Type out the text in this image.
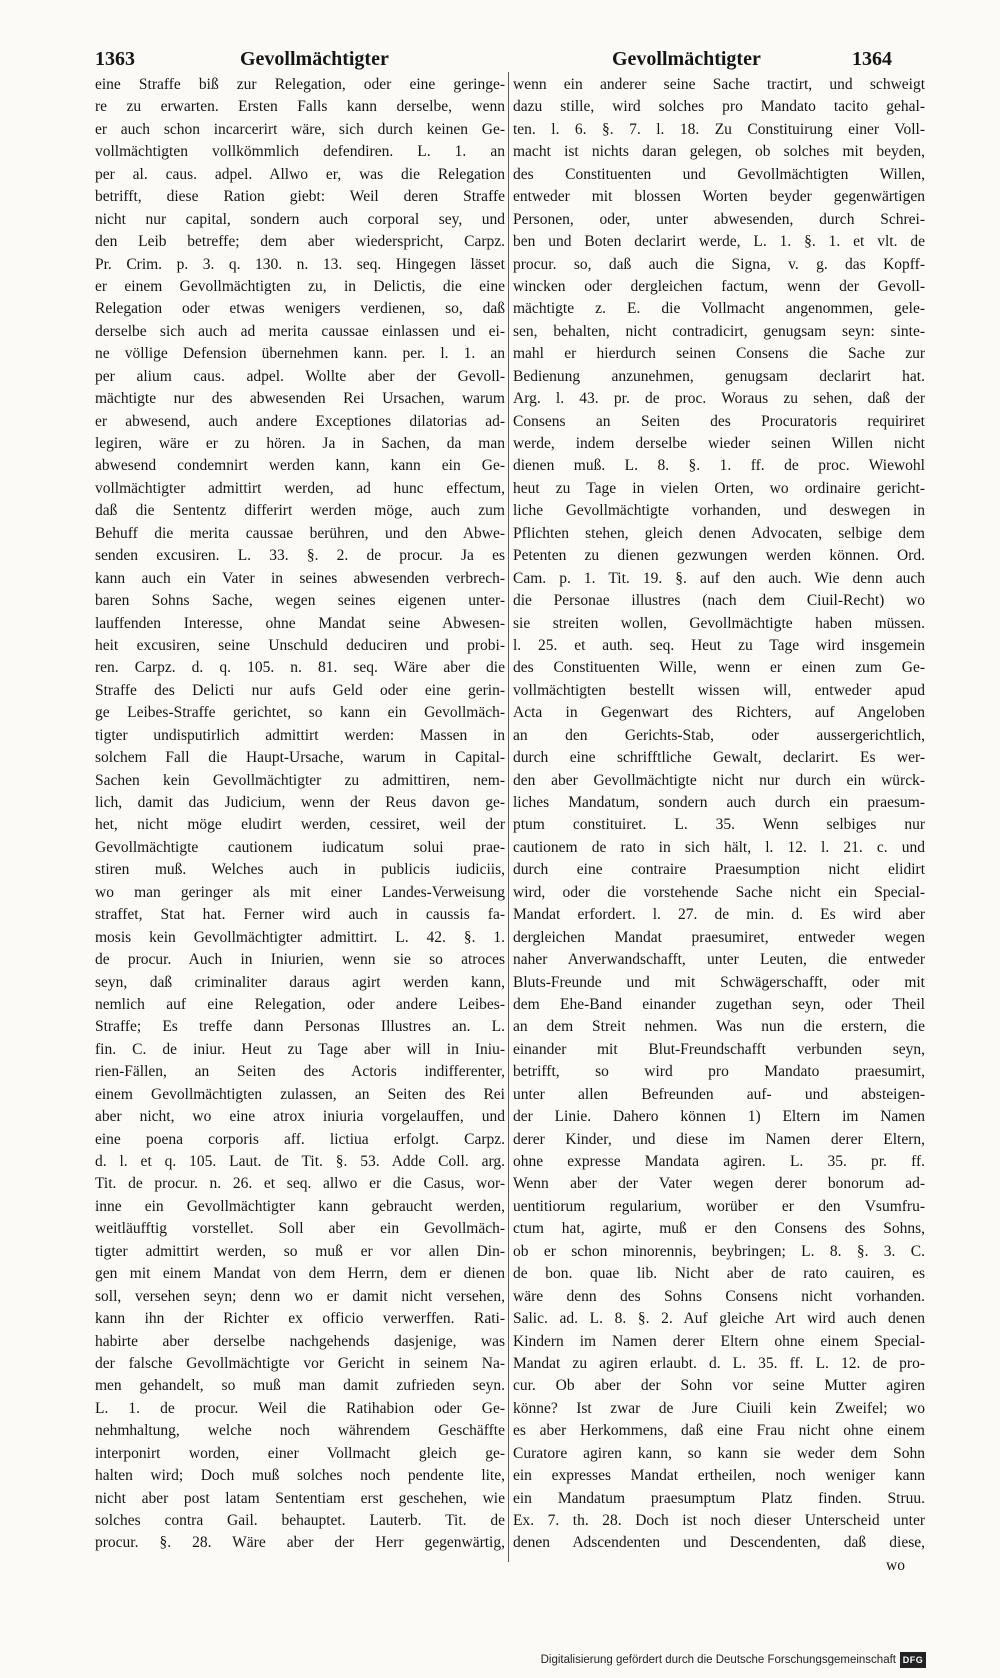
1363	Gevollmächtigter	Gevollmächtigter	1364
eine Straffe biß zur Relegation, oder eine geringe-
re zu erwarten. Ersten Falls kann derselbe, wenn
er auch schon incarcerirt wäre, sich durch keinen Ge-
vollmächtigten vollkömmlich defendiren. L. 1. an
per al. caus. adpel. Allwo er, was die Relegation
betrifft, diese Ration giebt: Weil deren Straffe
nicht nur capital, sondern auch corporal sey, und
den Leib betreffe; dem aber wiederspricht, Carpz.
Pr. Crim. p. 3. q. 130. n. 13. seq. Hingegen lässet
er einem Gevollmächtigten zu, in Delictis, die eine
Relegation oder etwas wenigers verdienen, so, daß
derselbe sich auch ad merita caussae einlassen und ei-
ne völlige Defension übernehmen kann. per. l. 1. an
per alium caus. adpel. Wollte aber der Gevoll-
mächtigte nur des abwesenden Rei Ursachen, warum
er abwesend, auch andere Exceptiones dilatorias ad-
legiren, wäre er zu hören. Ja in Sachen, da man
abwesend condemnirt werden kann, kann ein Ge-
vollmächtigter admittirt werden, ad hunc effectum,
daß die Sententz differirt werden möge, auch zum
Behuff die merita caussae berühren, und den Abwe-
senden excusiren. L. 33. §. 2. de procur. Ja es
kann auch ein Vater in seines abwesenden verbrech-
baren Sohns Sache, wegen seines eigenen unter-
lauffenden Interesse, ohne Mandat seine Abwesen-
heit excusiren, seine Unschuld deduciren und probi-
ren. Carpz. d. q. 105. n. 81. seq. Wäre aber die
Straffe des Delicti nur aufs Geld oder eine gerin-
ge Leibes-Straffe gerichtet, so kann ein Gevollmäch-
tigter undisputirlich admittirt werden: Massen in
solchem Fall die Haupt-Ursache, warum in Capital-
Sachen kein Gevollmächtigter zu admittiren, nem-
lich, damit das Judicium, wenn der Reus davon ge-
het, nicht möge eludirt werden, cessiret, weil der
Gevollmächtigte cautionem iudicatum solui prae-
stiren muß. Welches auch in publicis iudiciis,
wo man geringer als mit einer Landes-Verweisung
straffet, Stat hat. Ferner wird auch in caussis fa-
mosis kein Gevollmächtigter admittirt. L. 42. §. 1.
de procur. Auch in Iniurien, wenn sie so atroces
seyn, daß criminaliter daraus agirt werden kann,
nemlich auf eine Relegation, oder andere Leibes-
Straffe; Es treffe dann Personas Illustres an. L.
fin. C. de iniur. Heut zu Tage aber will in Iniu-
rien-Fällen, an Seiten des Actoris indifferenter,
einem Gevollmächtigten zulassen, an Seiten des Rei
aber nicht, wo eine atrox iniuria vorgelauffen, und
eine poena corporis aff. lictiua erfolgt. Carpz.
d. l. et q. 105. Laut. de Tit. §. 53. Adde Coll. arg.
Tit. de procur. n. 26. et seq. allwo er die Casus, wor-
inne ein Gevollmächtigter kann gebraucht werden,
weitläufftig vorstellet. Soll aber ein Gevollmäch-
tigter admittirt werden, so muß er vor allen Din-
gen mit einem Mandat von dem Herrn, dem er dienen
soll, versehen seyn; denn wo er damit nicht versehen,
kann ihn der Richter ex officio verwerffen. Rati-
habirte aber derselbe nachgehends dasjenige, was
der falsche Gevollmächtigte vor Gericht in seinem Na-
men gehandelt, so muß man damit zufrieden seyn.
L. 1. de procur. Weil die Ratihabion oder Ge-
nehmhaltung, welche noch währendem Geschäffte
interponirt worden, einer Vollmacht gleich ge-
halten wird; Doch muß solches noch pendente lite,
nicht aber post latam Sententiam erst geschehen, wie
solches contra Gail. behauptet. Lauterb. Tit. de
procur. §. 28. Wäre aber der Herr gegenwärtig,
wenn ein anderer seine Sache tractirt, und schweigt
dazu stille, wird solches pro Mandato tacito gehal-
ten. l. 6. §. 7. l. 18. Zu Constituirung einer Voll-
macht ist nichts daran gelegen, ob solches mit beyden,
des Constituenten und Gevollmächtigten Willen,
entweder mit blossen Worten beyder gegenwärtigen
Personen, oder, unter abwesenden, durch Schrei-
ben und Boten declarirt werde, L. 1. §. 1. et vlt. de
procur. so, daß auch die Signa, v. g. das Kopff-
wincken oder dergleichen factum, wenn der Gevoll-
mächtigte z. E. die Vollmacht angenommen, gele-
sen, behalten, nicht contradicirt, genugsam seyn: sinte-
mahl er hierdurch seinen Consens die Sache zur
Bedienung anzunehmen, genugsam declarirt hat.
Arg. l. 43. pr. de proc. Woraus zu sehen, daß der
Consens an Seiten des Procuratoris requiriret
werde, indem derselbe wieder seinen Willen nicht
dienen muß. L. 8. §. 1. ff. de proc. Wiewohl
heut zu Tage in vielen Orten, wo ordinaire gericht-
liche Gevollmächtigte vorhanden, und deswegen in
Pflichten stehen, gleich denen Advocaten, selbige dem
Petenten zu dienen gezwungen werden können. Ord.
Cam. p. 1. Tit. 19. §. auf den auch. Wie denn auch
die Personae illustres (nach dem Ciuil-Recht) wo
sie streiten wollen, Gevollmächtigte haben müssen.
l. 25. et auth. seq. Heut zu Tage wird insgemein
des Constituenten Wille, wenn er einen zum Ge-
vollmächtigten bestellt wissen will, entweder apud
Acta in Gegenwart des Richters, auf Angeloben
an den Gerichts-Stab, oder aussergerichtlich,
durch eine schrifftliche Gewalt, declarirt. Es wer-
den aber Gevollmächtigte nicht nur durch ein würck-
liches Mandatum, sondern auch durch ein praesum-
ptum constituiret. L. 35. Wenn selbiges nur
cautionem de rato in sich hält, l. 12. l. 21. c. und
durch eine contraire Praesumption nicht elidirt
wird, oder die vorstehende Sache nicht ein Special-
Mandat erfordert. l. 27. de min. d. Es wird aber
dergleichen Mandat praesumiret, entweder wegen
naher Anverwandschafft, unter Leuten, die entweder
Bluts-Freunde und mit Schwägerschafft, oder mit
dem Ehe-Band einander zugethan seyn, oder Theil
an dem Streit nehmen. Was nun die erstern, die
einander mit Blut-Freundschafft verbunden seyn,
betrifft, so wird pro Mandato praesumirt,
unter allen Befreunden auf- und absteigen-
der Linie. Dahero können 1) Eltern im Namen
derer Kinder, und diese im Namen derer Eltern,
ohne expresse Mandata agiren. L. 35. pr. ff.
Wenn aber der Vater wegen derer bonorum ad-
uentitiorum regularium, worüber er den Vsumfru-
ctum hat, agirte, muß er den Consens des Sohns,
ob er schon minorennis, beybringen; L. 8. §. 3. C.
de bon. quae lib. Nicht aber de rato cauiren, es
wäre denn des Sohns Consens nicht vorhanden.
Salic. ad. L. 8. §. 2. Auf gleiche Art wird auch denen
Kindern im Namen derer Eltern ohne einem Special-
Mandat zu agiren erlaubt. d. L. 35. ff. L. 12. de pro-
cur. Ob aber der Sohn vor seine Mutter agiren
könne? Ist zwar de Jure Ciuili kein Zweifel; wo
es aber Herkommens, daß eine Frau nicht ohne einem
Curatore agiren kann, so kann sie weder dem Sohn
ein expresses Mandat ertheilen, noch weniger kann
ein Mandatum praesumptum Platz finden. Struu.
Ex. 7. th. 28. Doch ist noch dieser Unterscheid unter
denen Adscendenten und Descendenten, daß diese,
wo
Digitalisierung gefördert durch die Deutsche Forschungsgemeinschaft DFG
